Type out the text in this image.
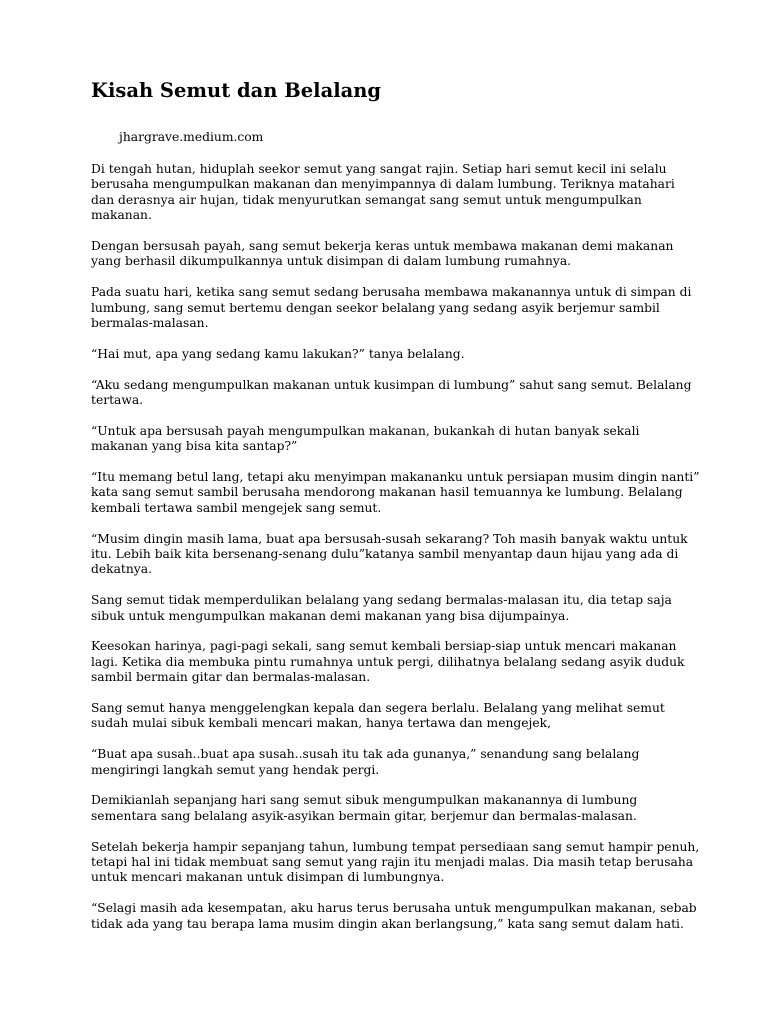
Kisah Semut dan Belalang

jhargrave.medium.com

Di tengah hutan, hiduplah seekor semut yang sangat rajin. Setiap hari semut kecil ini selalu
berusaha mengumpulkan makanan dan menyimpannya di dalam lumbung. Teriknya matahari
dan derasnya air hujan, tidak menyurutkan semangat sang semut untuk mengumpulkan
makanan.

Dengan bersusah payah, sang semut bekerja keras untuk membawa makanan demi makanan
yang berhasil dikumpulkannya untuk disimpan di dalam lumbung rumahnya.

Pada suatu hari, ketika sang semut sedang berusaha membawa makanannya untuk di simpan di
lumbung, sang semut bertemu dengan seekor belalang yang sedang asyik berjemur sambil
bermalas-malasan.

“Hai mut, apa yang sedang kamu lakukan?” tanya belalang.

“Aku sedang mengumpulkan makanan untuk kusimpan di lumbung” sahut sang semut. Belalang
tertawa.

“Untuk apa bersusah payah mengumpulkan makanan, bukankah di hutan banyak sekali
makanan yang bisa kita santap?”

“Itu memang betul lang, tetapi aku menyimpan makananku untuk persiapan musim dingin nanti”
kata sang semut sambil berusaha mendorong makanan hasil temuannya ke lumbung. Belalang
kembali tertawa sambil mengejek sang semut.

“Musim dingin masih lama, buat apa bersusah-susah sekarang? Toh masih banyak waktu untuk
itu. Lebih baik kita bersenang-senang dulu”katanya sambil menyantap daun hijau yang ada di
dekatnya.

Sang semut tidak memperdulikan belalang yang sedang bermalas-malasan itu, dia tetap saja
sibuk untuk mengumpulkan makanan demi makanan yang bisa dijumpainya.

Keesokan harinya, pagi-pagi sekali, sang semut kembali bersiap-siap untuk mencari makanan
lagi. Ketika dia membuka pintu rumahnya untuk pergi, dilihatnya belalang sedang asyik duduk
sambil bermain gitar dan bermalas-malasan.

Sang semut hanya menggelengkan kepala dan segera berlalu. Belalang yang melihat semut
sudah mulai sibuk kembali mencari makan, hanya tertawa dan mengejek,

“Buat apa susah..buat apa susah..susah itu tak ada gunanya,” senandung sang belalang
mengiringi langkah semut yang hendak pergi.

Demikianlah sepanjang hari sang semut sibuk mengumpulkan makanannya di lumbung
sementara sang belalang asyik-asyikan bermain gitar, berjemur dan bermalas-malasan.

Setelah bekerja hampir sepanjang tahun, lumbung tempat persediaan sang semut hampir penuh,
tetapi hal ini tidak membuat sang semut yang rajin itu menjadi malas. Dia masih tetap berusaha
untuk mencari makanan untuk disimpan di lumbungnya.

“Selagi masih ada kesempatan, aku harus terus berusaha untuk mengumpulkan makanan, sebab
tidak ada yang tau berapa lama musim dingin akan berlangsung,” kata sang semut dalam hati.
